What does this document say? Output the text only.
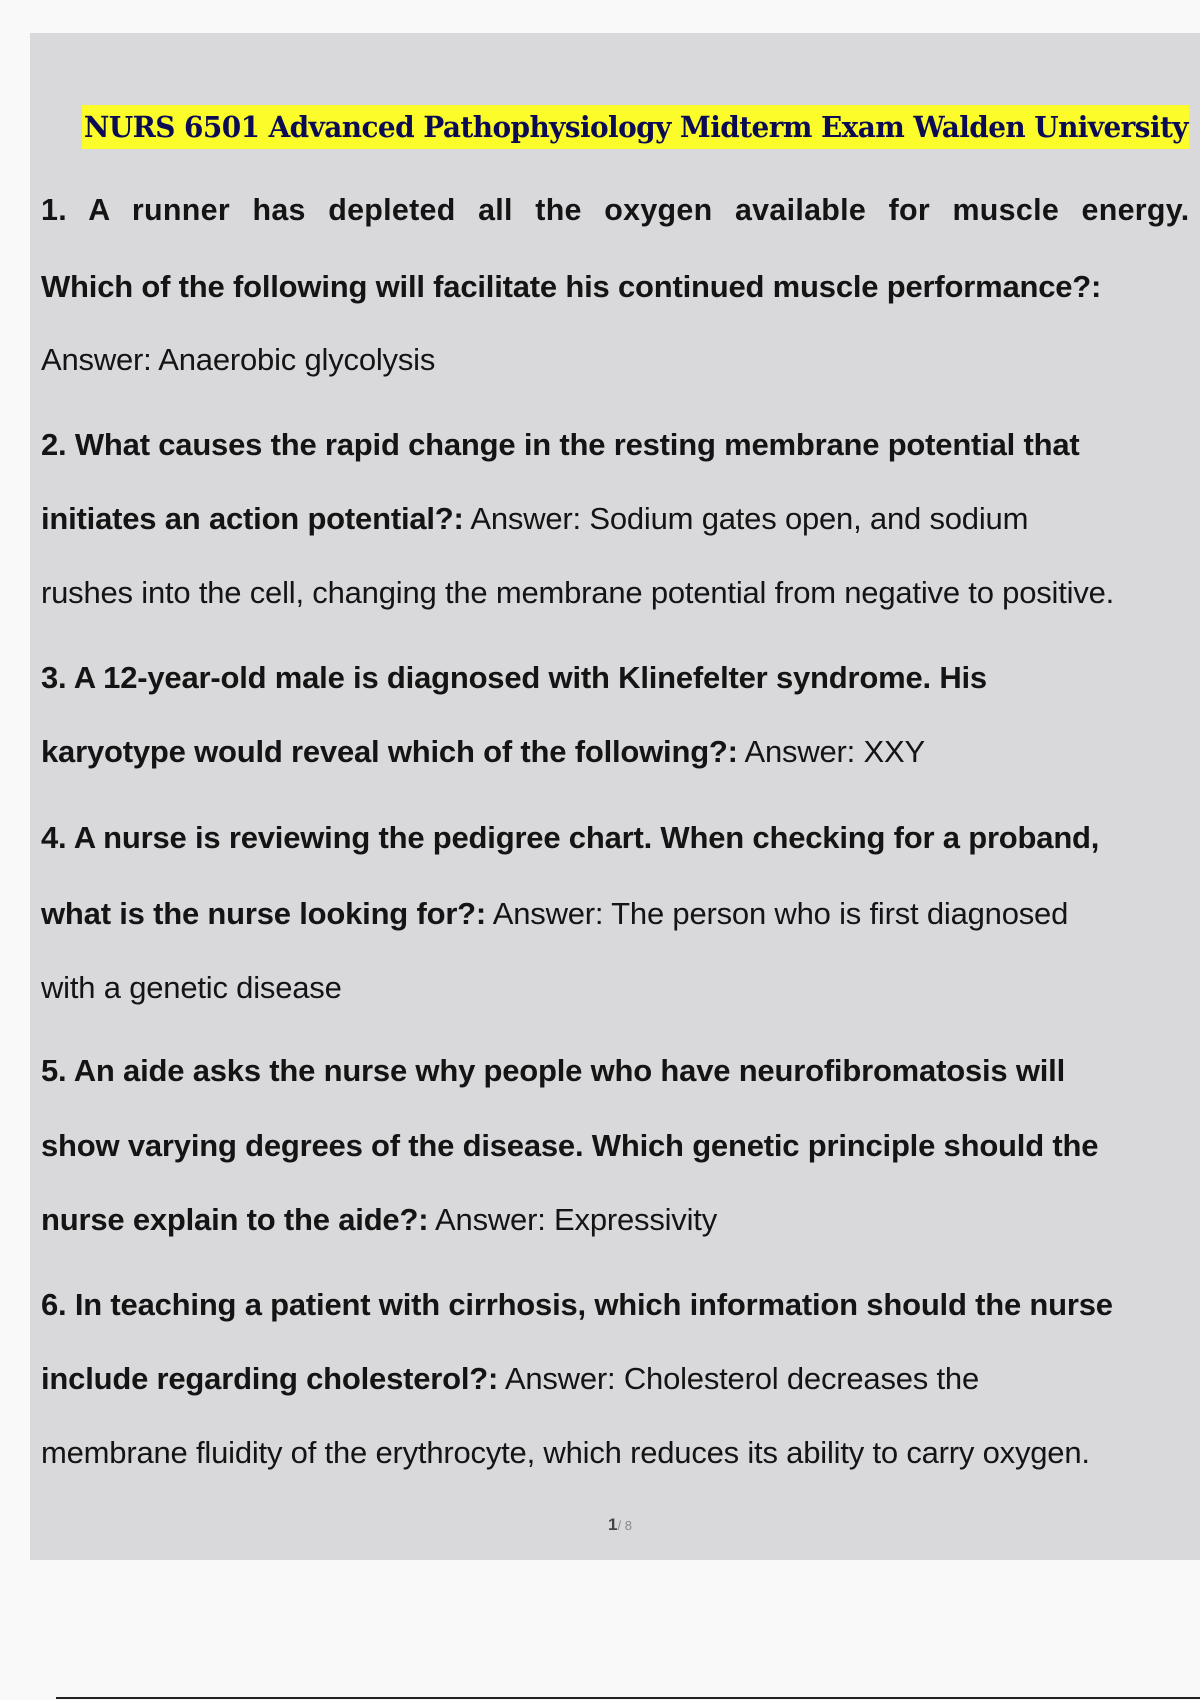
NURS 6501 Advanced Pathophysiology Midterm Exam Walden University

1. A runner has depleted all the oxygen available for muscle energy.

Which of the following will facilitate his continued muscle performance?:

Answer: Anaerobic glycolysis

2. What causes the rapid change in the resting membrane potential that

initiates an action potential?: Answer: Sodium gates open, and sodium

rushes into the cell, changing the membrane potential from negative to positive.

3. A 12-year-old male is diagnosed with Klinefelter syndrome. His

karyotype would reveal which of the following?: Answer: XXY

4. A nurse is reviewing the pedigree chart. When checking for a proband,

what is the nurse looking for?: Answer: The person who is first diagnosed

with a genetic disease

5. An aide asks the nurse why people who have neurofibromatosis will

show varying degrees of the disease. Which genetic principle should the

nurse explain to the aide?: Answer: Expressivity

6. In teaching a patient with cirrhosis, which information should the nurse

include regarding cholesterol?: Answer: Cholesterol decreases the

membrane fluidity of the erythrocyte, which reduces its ability to carry oxygen.

1/ 8
